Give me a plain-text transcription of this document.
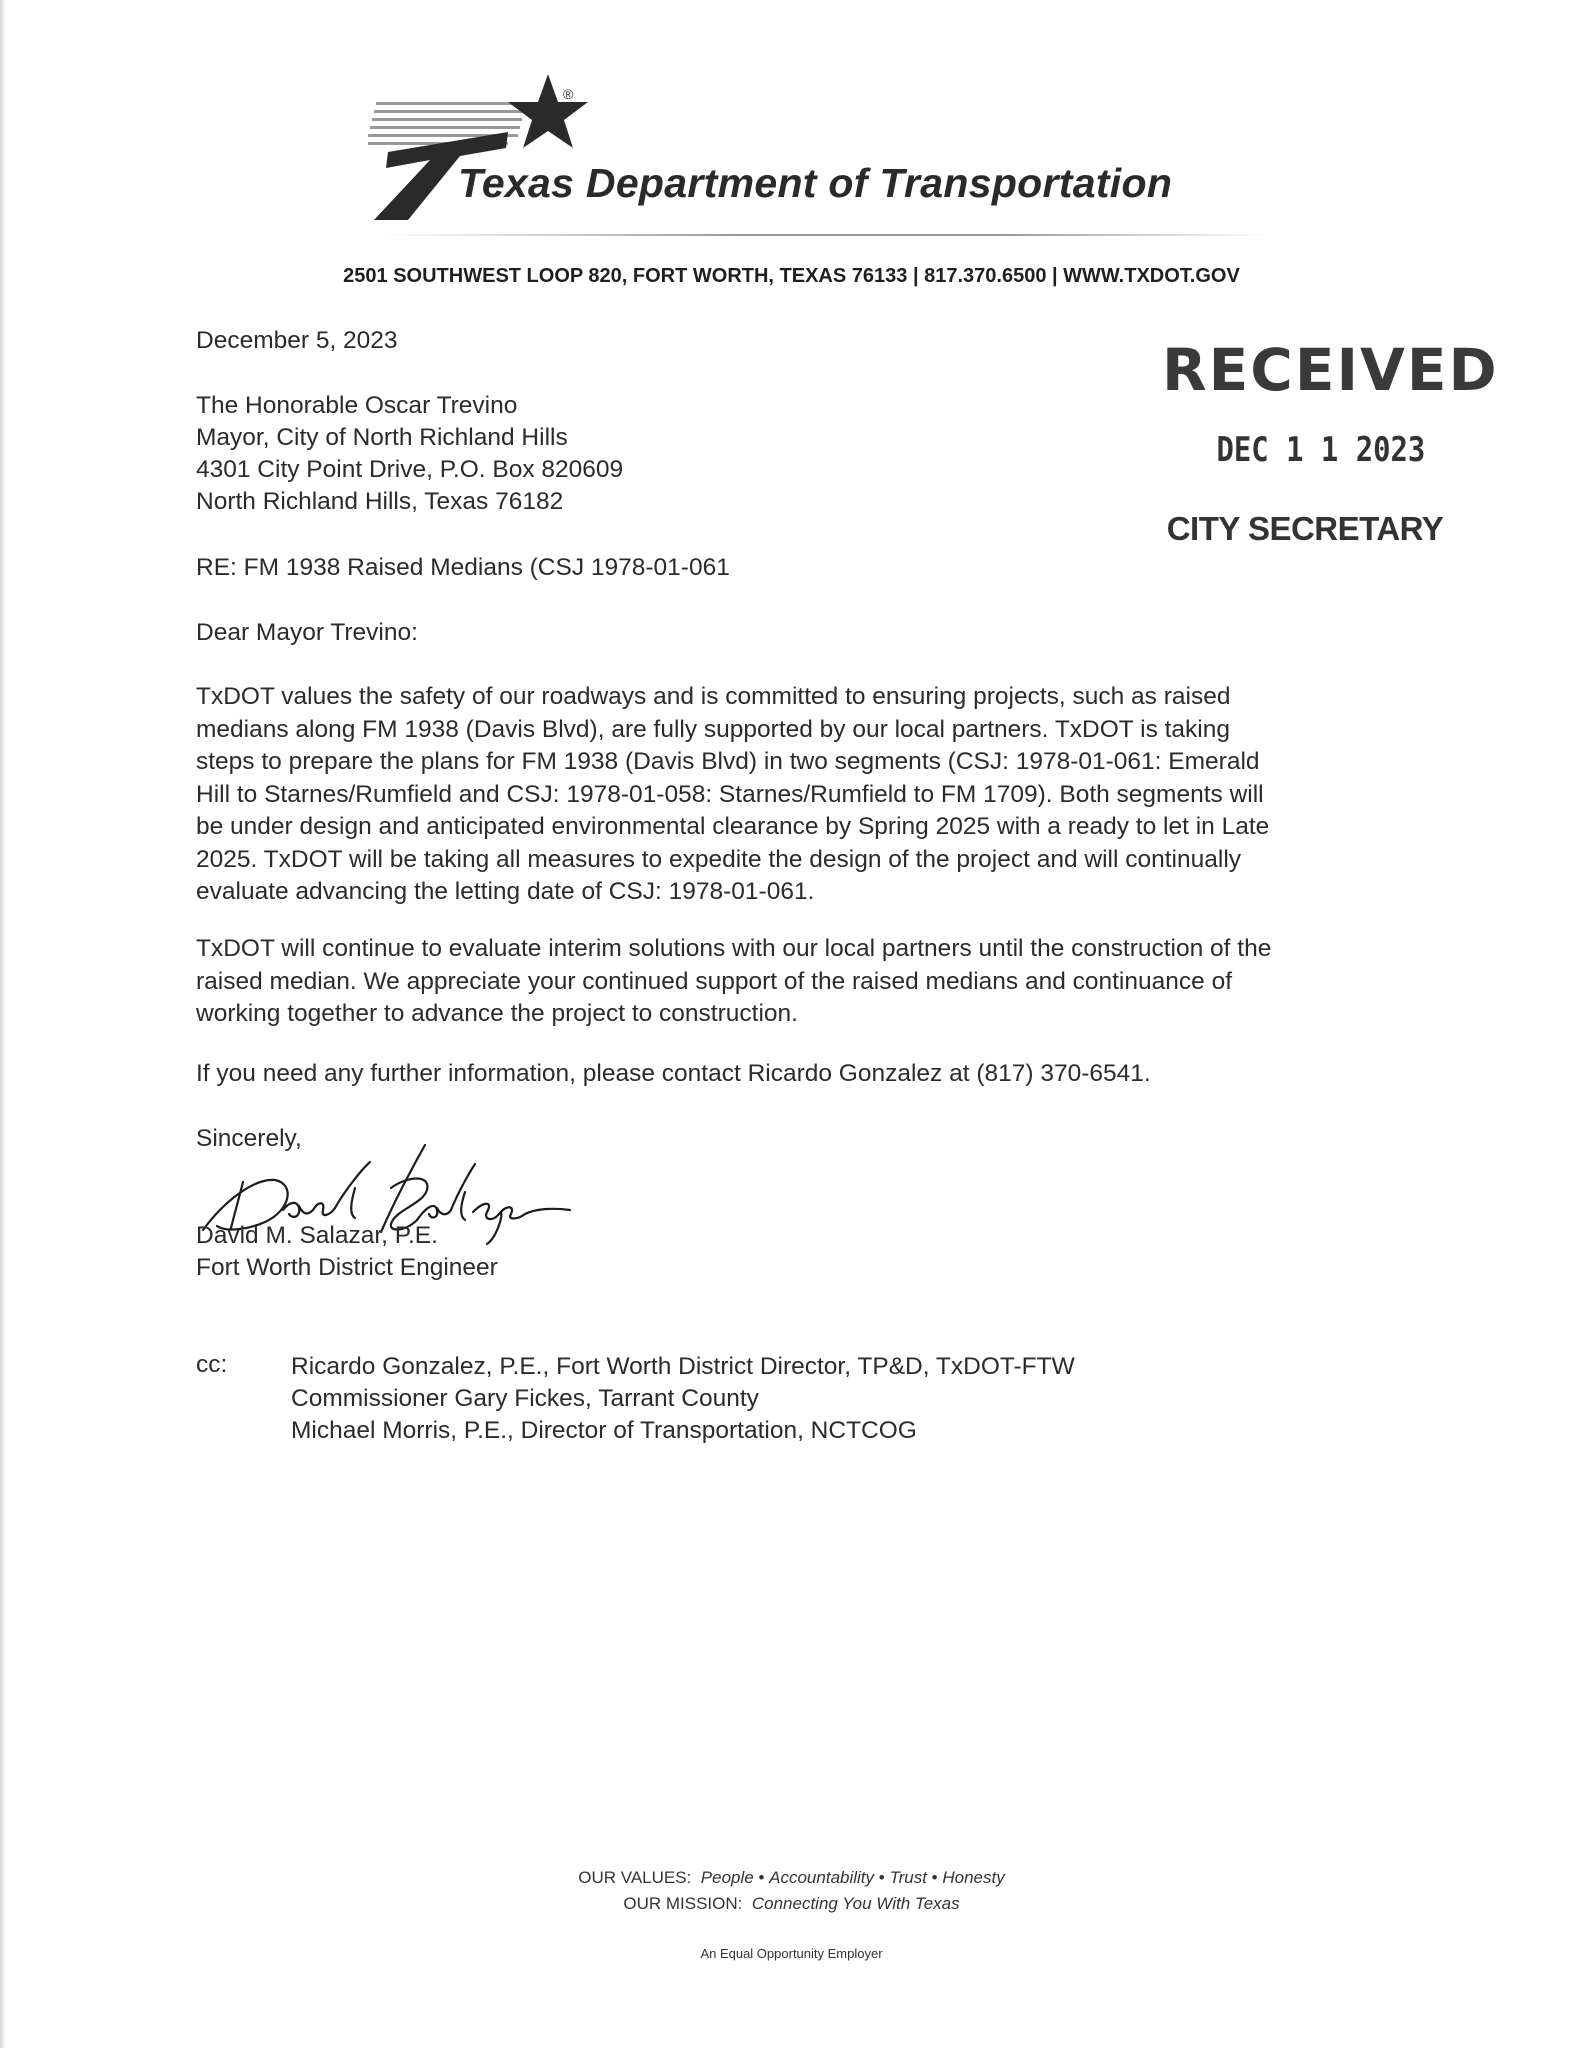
®
Texas Department of Transportation
2501 SOUTHWEST LOOP 820, FORT WORTH, TEXAS 76133 | 817.370.6500 | WWW.TXDOT.GOV
RECEIVED
DEC 1 1 2023
CITY SECRETARY
December 5, 2023
The Honorable Oscar Trevino
Mayor, City of North Richland Hills
4301 City Point Drive, P.O. Box 820609
North Richland Hills, Texas 76182
RE: FM 1938 Raised Medians (CSJ 1978-01-061
Dear Mayor Trevino:
TxDOT values the safety of our roadways and is committed to ensuring projects, such as raised
medians along FM 1938 (Davis Blvd), are fully supported by our local partners. TxDOT is taking
steps to prepare the plans for FM 1938 (Davis Blvd) in two segments (CSJ: 1978-01-061: Emerald
Hill to Starnes/Rumfield and CSJ: 1978-01-058: Starnes/Rumfield to FM 1709). Both segments will
be under design and anticipated environmental clearance by Spring 2025 with a ready to let in Late
2025. TxDOT will be taking all measures to expedite the design of the project and will continually
evaluate advancing the letting date of CSJ: 1978-01-061.
TxDOT will continue to evaluate interim solutions with our local partners until the construction of the
raised median. We appreciate your continued support of the raised medians and continuance of
working together to advance the project to construction.
If you need any further information, please contact Ricardo Gonzalez at (817) 370-6541.
Sincerely,
David M. Salazar, P.E.
Fort Worth District Engineer
cc:	Ricardo Gonzalez, P.E., Fort Worth District Director, TP&D, TxDOT-FTW
Commissioner Gary Fickes, Tarrant County
Michael Morris, P.E., Director of Transportation, NCTCOG
OUR VALUES: People • Accountability • Trust • Honesty
OUR MISSION: Connecting You With Texas
An Equal Opportunity Employer
